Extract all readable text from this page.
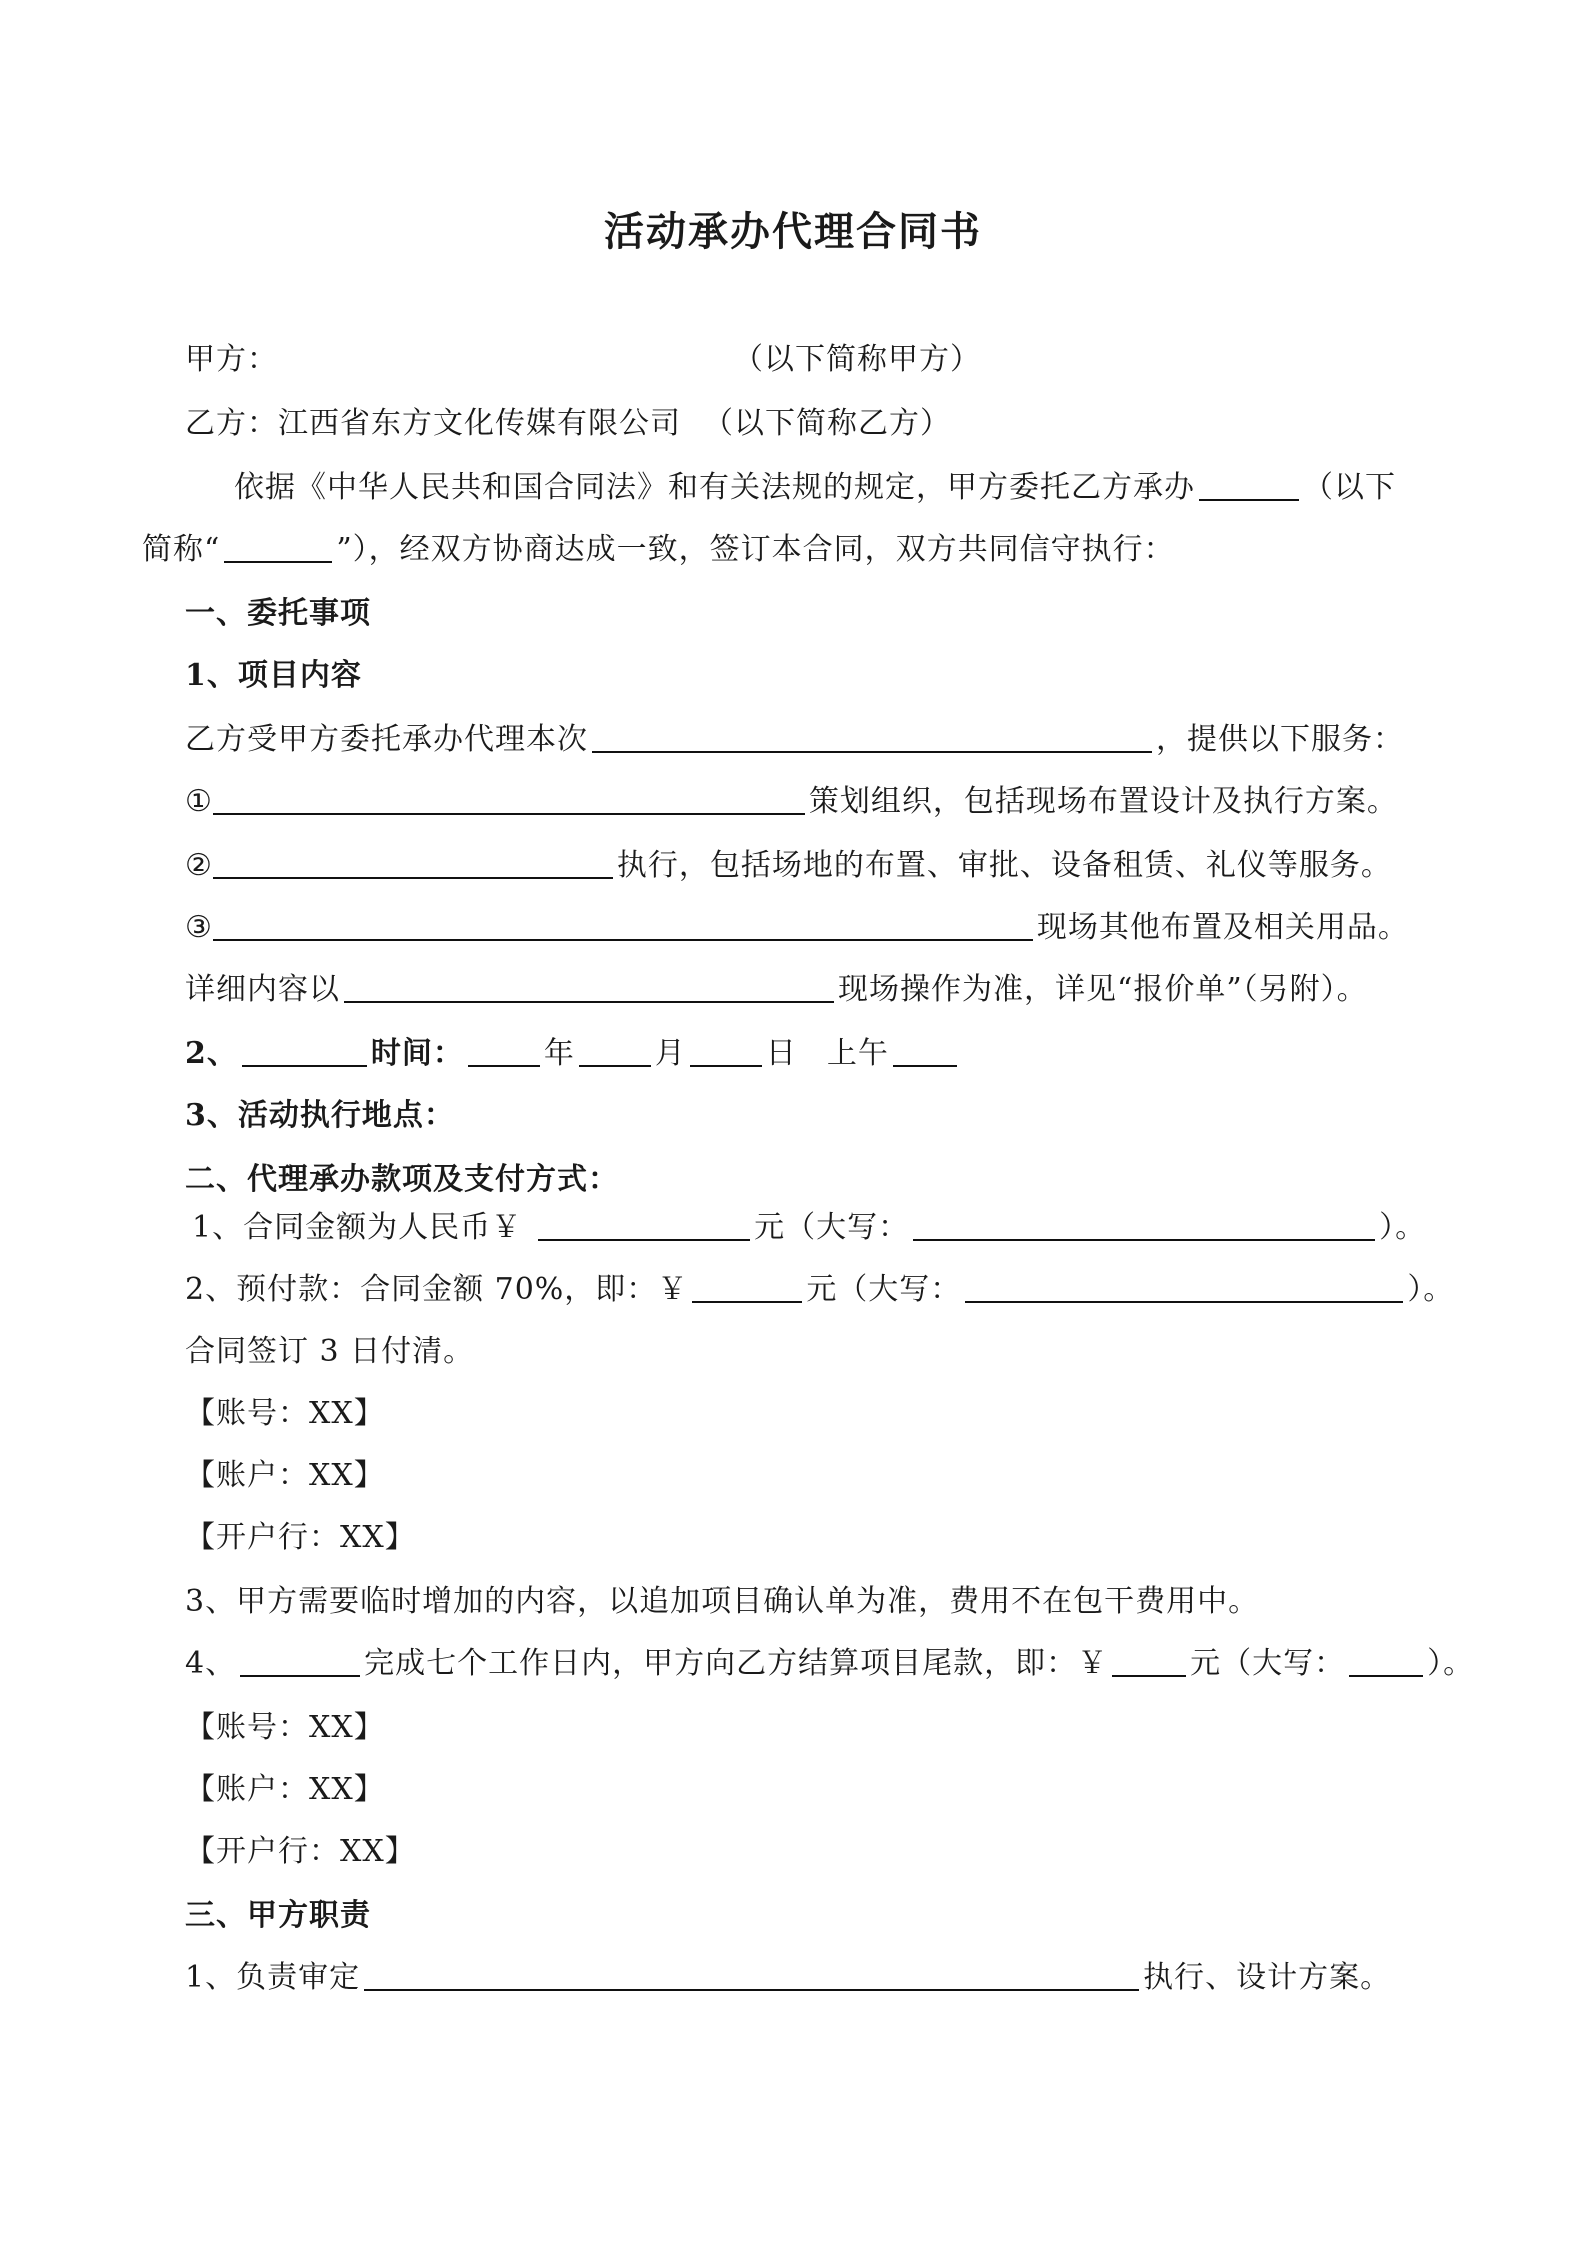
活动承办代理合同书
甲方：	（以下简称甲方）
乙方：江西省东方文化传媒有限公司 （以下简称乙方）
依据《中华人民共和国合同法》和有关法规的规定，甲方委托乙方承办	（以下
简称“	”），经双方协商达成一致，签订本合同，双方共同信守执行：
一、委托事项
1、项目内容
乙方受甲方委托承办代理本次	，提供以下服务：
①	策划组织，包括现场布置设计及执行方案。
②	执行，包括场地的布置、审批、设备租赁、礼仪等服务。
③	现场其他布置及相关用品。
详细内容以	现场操作为准，详见“报价单”（另附）。
2、	时间：	年	月	日 上午
3、活动执行地点：
二、代理承办款项及支付方式：
1、合同金额为人民币￥	元（大写：	）。
2、预付款：合同金额 70%，即：￥	元（大写：	）。
合同签订 3 日付清。
【账号：XX】
【账户：XX】
【开户行：XX】
3、甲方需要临时增加的内容，以追加项目确认单为准，费用不在包干费用中。
4、	完成七个工作日内，甲方向乙方结算项目尾款，即：￥	元（大写：	）。
【账号：XX】
【账户：XX】
【开户行：XX】
三、甲方职责
1、负责审定	执行、设计方案。
